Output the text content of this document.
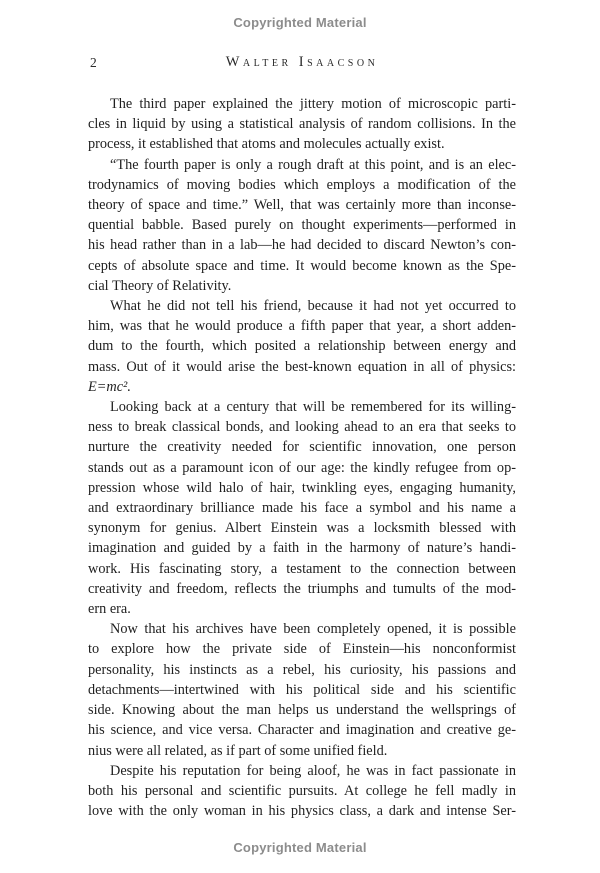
Copyrighted Material
2	Walter Isaacson
The third paper explained the jittery motion of microscopic parti-
cles in liquid by using a statistical analysis of random collisions. In the
process, it established that atoms and molecules actually exist.
“The fourth paper is only a rough draft at this point, and is an elec-
trodynamics of moving bodies which employs a modification of the
theory of space and time.” Well, that was certainly more than inconse-
quential babble. Based purely on thought experiments—performed in
his head rather than in a lab—he had decided to discard Newton’s con-
cepts of absolute space and time. It would become known as the Spe-
cial Theory of Relativity.
What he did not tell his friend, because it had not yet occurred to
him, was that he would produce a fifth paper that year, a short adden-
dum to the fourth, which posited a relationship between energy and
mass. Out of it would arise the best-known equation in all of physics:
E=mc².
Looking back at a century that will be remembered for its willing-
ness to break classical bonds, and looking ahead to an era that seeks to
nurture the creativity needed for scientific innovation, one person
stands out as a paramount icon of our age: the kindly refugee from op-
pression whose wild halo of hair, twinkling eyes, engaging humanity,
and extraordinary brilliance made his face a symbol and his name a
synonym for genius. Albert Einstein was a locksmith blessed with
imagination and guided by a faith in the harmony of nature’s handi-
work. His fascinating story, a testament to the connection between
creativity and freedom, reflects the triumphs and tumults of the mod-
ern era.
Now that his archives have been completely opened, it is possible
to explore how the private side of Einstein—his nonconformist
personality, his instincts as a rebel, his curiosity, his passions and
detachments—intertwined with his political side and his scientific
side. Knowing about the man helps us understand the wellsprings of
his science, and vice versa. Character and imagination and creative ge-
nius were all related, as if part of some unified field.
Despite his reputation for being aloof, he was in fact passionate in
both his personal and scientific pursuits. At college he fell madly in
love with the only woman in his physics class, a dark and intense Ser-
Copyrighted Material
